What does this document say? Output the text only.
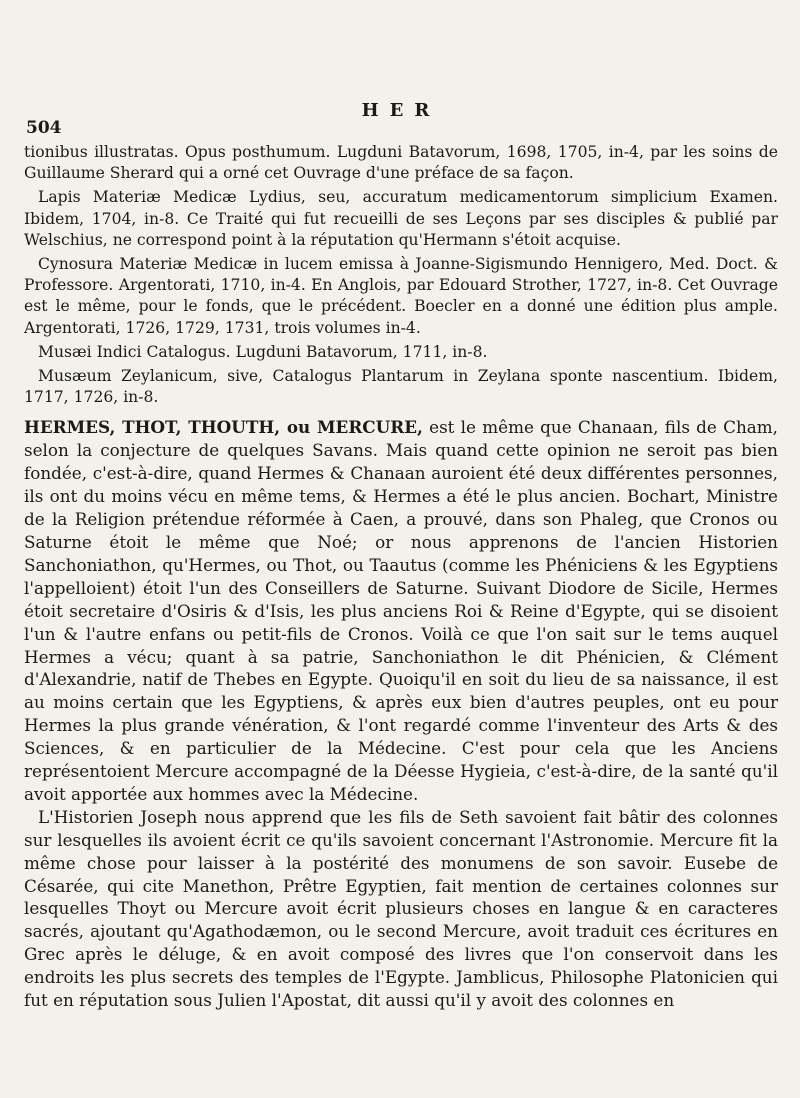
504
HER

tionibus illustratas. Opus posthumum. Lugduni Batavorum, 1698, 1705, in-4, par les soins de Guillaume Sherard qui a orné cet Ouvrage d'une préface de sa façon.

Lapis Materiæ Medicæ Lydius, seu, accuratum medicamentorum simplicium Examen. Ibidem, 1704, in-8. Ce Traité qui fut recueilli de ses Leçons par ses disciples & publié par Welschius, ne correspond point à la réputation qu'Hermann s'étoit acquise.

Cynosura Materiæ Medicæ in lucem emissa à Joanne-Sigismundo Hennigero, Med. Doct. & Professore. Argentorati, 1710, in-4. En Anglois, par Edouard Strother, 1727, in-8. Cet Ouvrage est le même, pour le fonds, que le précédent. Boecler en a donné une édition plus ample. Argentorati, 1726, 1729, 1731, trois volumes in-4.

Musæi Indici Catalogus. Lugduni Batavorum, 1711, in-8.

Musæum Zeylanicum, sive, Catalogus Plantarum in Zeylana sponte nascentium. Ibidem, 1717, 1726, in-8.

HERMES, THOT, THOUTH, ou MERCURE, est le même que Chanaan, fils de Cham, selon la conjecture de quelques Savans. Mais quand cette opinion ne seroit pas bien fondée, c'est-à-dire, quand Hermes & Chanaan auroient été deux différentes personnes, ils ont du moins vécu en même tems, & Hermes a été le plus ancien. Bochart, Ministre de la Religion prétendue réformée à Caen, a prouvé, dans son Phaleg, que Cronos ou Saturne étoit le même que Noé; or nous apprenons de l'ancien Historien Sanchoniathon, qu'Hermes, ou Thot, ou Taautus (comme les Phéniciens & les Egyptiens l'appelloient) étoit l'un des Conseillers de Saturne. Suivant Diodore de Sicile, Hermes étoit secretaire d'Osiris & d'Isis, les plus anciens Roi & Reine d'Egypte, qui se disoient l'un & l'autre enfans ou petit-fils de Cronos. Voilà ce que l'on sait sur le tems auquel Hermes a vécu; quant à sa patrie, Sanchoniathon le dit Phénicien, & Clément d'Alexandrie, natif de Thebes en Egypte. Quoiqu'il en soit du lieu de sa naissance, il est au moins certain que les Egyptiens, & après eux bien d'autres peuples, ont eu pour Hermes la plus grande vénération, & l'ont regardé comme l'inventeur des Arts & des Sciences, & en particulier de la Médecine. C'est pour cela que les Anciens représentoient Mercure accompagné de la Déesse Hygieia, c'est-à-dire, de la santé qu'il avoit apportée aux hommes avec la Médecine.

L'Historien Joseph nous apprend que les fils de Seth savoient fait bâtir des colonnes sur lesquelles ils avoient écrit ce qu'ils savoient concernant l'Astronomie. Mercure fit la même chose pour laisser à la postérité des monumens de son savoir. Eusebe de Césarée, qui cite Manethon, Prêtre Egyptien, fait mention de certaines colonnes sur lesquelles Thoyt ou Mercure avoit écrit plusieurs choses en langue & en caracteres sacrés, ajoutant qu'Agathodæmon, ou le second Mercure, avoit traduit ces écritures en Grec après le déluge, & en avoit composé des livres que l'on conservoit dans les endroits les plus secrets des temples de l'Egypte. Jamblicus, Philosophe Platonicien qui fut en réputation sous Julien l'Apostat, dit aussi qu'il y avoit des colonnes en
